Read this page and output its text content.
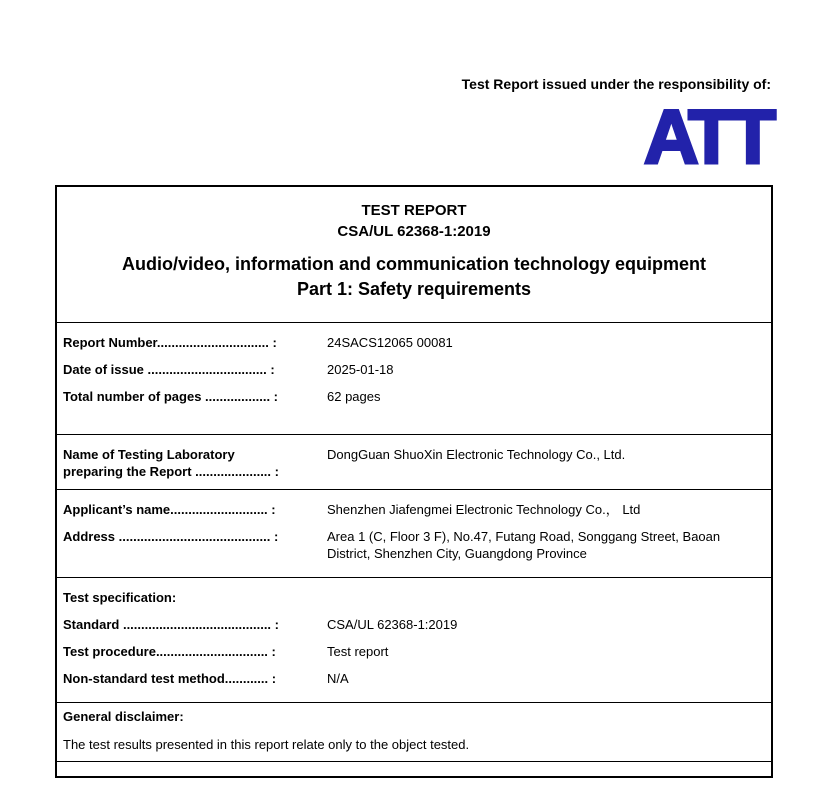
Test Report issued under the responsibility of:
ATT
TEST REPORT
CSA/UL 62368-1:2019
Audio/video, information and communication technology equipment
Part 1: Safety requirements
Report Number............................... :	24SACS12065 00081
Date of issue ................................. :	2025-01-18
Total number of pages .................. :	62 pages
Name of Testing Laboratory
preparing the Report ..................... :
DongGuan ShuoXin Electronic Technology Co., Ltd.
Applicant’s name........................... :	Shenzhen Jiafengmei Electronic Technology Co.， Ltd
Address .......................................... :	Area 1 (C, Floor 3 F), No.47, Futang Road, Songgang Street, Baoan District, Shenzhen City, Guangdong Province
Test specification:
Standard ......................................... :	CSA/UL 62368-1:2019
Test procedure............................... :	Test report
Non-standard test method............ :	N/A
General disclaimer:
The test results presented in this report relate only to the object tested.
